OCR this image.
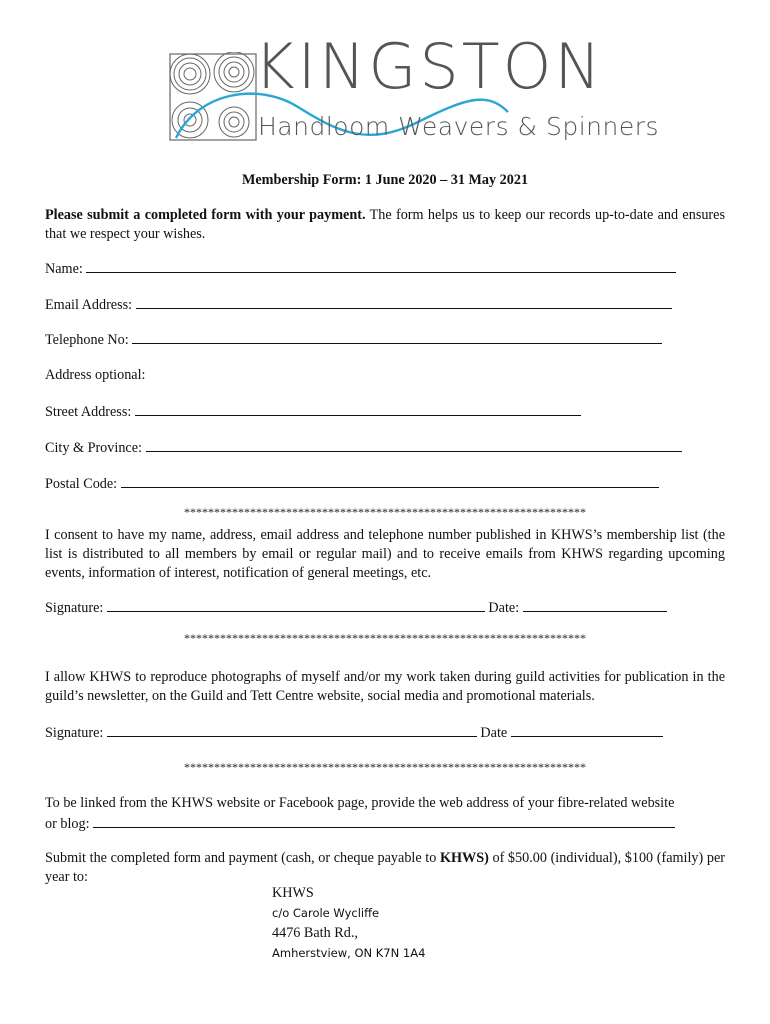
KINGSTON
Handloom Weavers & Spinners
Membership Form: 1 June 2020 – 31 May 2021
Please submit a completed form with your payment. The form helps us to keep our records up-to-date and ensures that we respect your wishes.
Name:
Email Address:
Telephone No:
Address optional:
Street Address:
City & Province:
Postal Code:
*******************************************************************
I consent to have my name, address, email address and telephone number published in KHWS’s membership list (the list is distributed to all members by email or regular mail) and to receive emails from KHWS regarding upcoming events, information of interest, notification of general meetings, etc.
Signature:	Date:
*******************************************************************
I allow KHWS to reproduce photographs of myself and/or my work taken during guild activities for publication in the guild’s newsletter, on the Guild and Tett Centre website, social media and promotional materials.
Signature:	Date
*******************************************************************
To be linked from the KHWS website or Facebook page, provide the web address of your fibre-related website
or blog:
Submit the completed form and payment (cash, or cheque payable to KHWS) of $50.00 (individual), $100 (family) per year to:
KHWS
c/o Carole Wycliffe
4476 Bath Rd.,
Amherstview, ON K7N 1A4
